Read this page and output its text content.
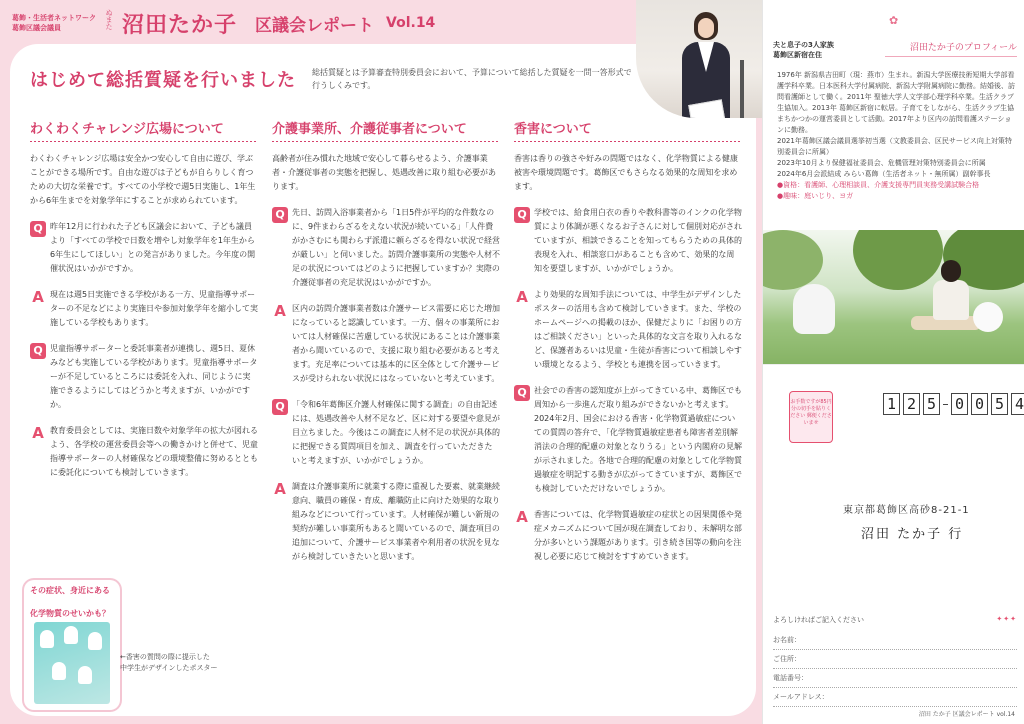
葛飾・生活者ネットワーク
葛飾区議会議員	ぬまた 沼田たか子 区議会レポート Vol.14
はじめて総括質疑を行いました 総括質疑とは予算審査特別委員会において、予算について総括した質疑を一問一答形式で行うしくみです。
わくわくチャレンジ広場について
わくわくチャレンジ広場は安全かつ安心して自由に遊び、学ぶことができる場所です。自由な遊びは子どもが自らりしく育つための大切な栄養です。すべての小学校で週5日実施し、1年生から6年生までを対象学年にすることが求められています。
Q 昨年12月に行われた子ども区議会において、子ども議員より「すべての学校で日数を増やし対象学年を1年生から6年生にしてほしい」との発言がありました。今年度の開催状況はいかがですか。
A 現在は週5日実施できる学校がある一方、児童指導サポーターの不足などにより実施日や参加対象学年を縮小して実施している学校もあります。
Q 児童指導サポーターと委託事業者が連携し、週5日、夏休みなども実施している学校があります。児童指導サポーターが不足しているところには委託を入れ、同じように実施できるようにしてはどうかと考えますが、いかがですか。
A 教育委員会としては、実施日数や対象学年の拡大が図れるよう、各学校の運営委員会等への働きかけと併せて、児童指導サポーターの人材確保などの環境整備に努めるとともに委託化についても検討していきます。
介護事業所、介護従事者について
高齢者が住み慣れた地域で安心して暮らせるよう、介護事業者・介護従事者の実態を把握し、処遇改善に取り組む必要があります。
Q 先日、訪問入浴事業者から「1日5件が平均的な件数なのに、9件まわらざるをえない状況が続いている」「人件費がかさむにも関わらず派遣に頼らざるを得ない状況で経営が厳しい」と伺いました。訪問介護事業所の実態や人材不足の状況についてはどのように把握していますか？実際の介護従事者の充足状況はいかがですか。
A 区内の訪問介護事業者数は介護サービス需要に応じた増加になっていると認識しています。一方、個々の事業所においては人材確保に苦慮している状況にあることは介護事業者から聞いているので、支援に取り組む必要があると考えます。充足率については基本的に区全体として介護サービスが受けられない状況にはなっていないと考えています。
Q 「令和6年葛飾区介護人材確保に関する調査」の自由記述には、処遇改善や人材不足など、区に対する要望や意見が目立ちました。今後はこの調査に人材不足の状況が具体的に把握できる質問項目を加え、調査を行っていただきたいと考えますが、いかがでしょうか。
A 調査は介護事業所に就業する際に重視した要素、就業継続意向、職員の確保・育成、離職防止に向けた効果的な取り組みなどについて行っています。人材確保が難しい新規の契約が難しい事業所もあると聞いているので、調査項目の追加について、介護サービス事業者や利用者の状況を見ながら検討していきたいと思います。
香害について
香害は香りの強さや好みの問題ではなく、化学物質による健康被害や環境問題です。葛飾区でもさらなる効果的な周知を求めます。
Q 学校では、給食用白衣の香りや教科書等のインクの化学物質により体調が悪くなるお子さんに対して個別対応がされていますが、相談できることを知ってもらうための具体的表現を入れ、相談窓口があることも含めて、効果的な周知を要望しますが、いかがでしょうか。
A より効果的な周知手法については、中学生がデザインしたポスターの活用も含めて検討していきます。また、学校のホームページへの掲載のほか、保健だよりに「お困りの方はご相談ください」といった具体的な文言を取り入れるなど、保護者あるいは児童・生徒が香害について相談しやすい環境となるよう、学校とも連携を図っていきます。
Q 社会での香害の認知度が上がってきている中、葛飾区でも周知から一歩進んだ取り組みができないかと考えます。2024年2月、国会における香害・化学物質過敏症についての質問の答弁で、「化学物質過敏症患者も障害者差別解消法の合理的配慮の対象となりうる」という内閣府の見解が示されました。各地で合理的配慮の対象として化学物質過敏症を明記する動きが広がってきていますが、葛飾区でも検討していただけないでしょうか。
A 香害については、化学物質過敏症の症状との因果関係や発症メカニズムについて国が現在調査しており、未解明な部分が多いという課題があります。引き続き国等の動向を注視し必要に応じて検討をすすめていきます。
その症状、身近にある
化学物質のせいかも？
←香害の質問の際に提示した
中学生がデザインしたポスター
✿
夫と息子の3人家族
葛飾区新宿在住
沼田たか子のプロフィール
1976年 新潟県吉田町（現：燕市）生まれ。新潟大学医療技術短期大学部看護学科卒業。日本医科大学付属病院、新潟大学附属病院に勤務。結婚後、訪問看護師として働く。2011年 聖徳大学人文学部心理学科卒業。生活クラブ生協加入。2013年 葛飾区新宿に転居。子育てをしながら、生活クラブ生協まちかつかの運営委員として活動。2017年より区内の訪問看護ステーションに勤務。
2021年葛飾区議会議員選挙初当選（文教委員会、区民サービス向上対策特別委員会に所属）
2023年10月より保健福祉委員会、危機管理対策特別委員会に所属
2024年6月会派結成 みらい葛飾（生活者ネット・無所属）副幹事長
●資格：看護師、心理相談員、介護支援専門員実務受講試験合格
●趣味：庭いじり、ヨガ
お手数ですが85円分の切手を貼りください 郵便くださいませ
1 2 5 0 0 5 4
東京都葛飾区高砂8-21-1
沼田 たか子 行
よろしければご記入ください	✦✦✦
お名前：
ご住所：
電話番号：
メールアドレス：
沼田 たか子 区議会レポート vol.14
